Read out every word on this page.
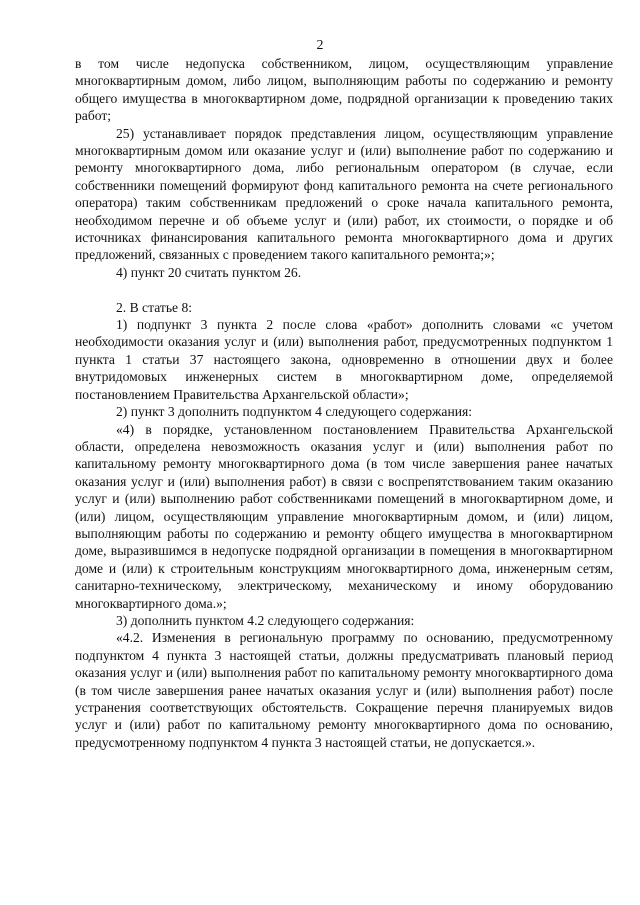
2

в том числе недопуска собственником, лицом, осуществляющим управление многоквартирным домом, либо лицом, выполняющим работы по содержанию и ремонту общего имущества в многоквартирном доме, подрядной организации к проведению таких работ;

25) устанавливает порядок представления лицом, осуществляющим управление многоквартирным домом или оказание услуг и (или) выполнение работ по содержанию и ремонту многоквартирного дома, либо региональным оператором (в случае, если собственники помещений формируют фонд капитального ремонта на счете регионального оператора) таким собственникам предложений о сроке начала капитального ремонта, необходимом перечне и об объеме услуг и (или) работ, их стоимости, о порядке и об источниках финансирования капитального ремонта многоквартирного дома и других предложений, связанных с проведением такого капитального ремонта;»;

4) пункт 20 считать пунктом 26.

2. В статье 8:

1) подпункт 3 пункта 2 после слова «работ» дополнить словами «с учетом необходимости оказания услуг и (или) выполнения работ, предусмотренных подпунктом 1 пункта 1 статьи 37 настоящего закона, одновременно в отношении двух и более внутридомовых инженерных систем в многоквартирном доме, определяемой постановлением Правительства Архангельской области»;

2) пункт 3 дополнить подпунктом 4 следующего содержания:

«4) в порядке, установленном постановлением Правительства Архангельской области, определена невозможность оказания услуг и (или) выполнения работ по капитальному ремонту многоквартирного дома (в том числе завершения ранее начатых оказания услуг и (или) выполнения работ) в связи с воспрепятствованием таким оказанию услуг и (или) выполнению работ собственниками помещений в многоквартирном доме, и (или) лицом, осуществляющим управление многоквартирным домом, и (или) лицом, выполняющим работы по содержанию и ремонту общего имущества в многоквартирном доме, выразившимся в недопуске подрядной организации в помещения в многоквартирном доме и (или) к строительным конструкциям многоквартирного дома, инженерным сетям, санитарно-техническому, электрическому, механическому и иному оборудованию многоквартирного дома.»;

3) дополнить пунктом 4.2 следующего содержания:

«4.2. Изменения в региональную программу по основанию, предусмотренному подпунктом 4 пункта 3 настоящей статьи, должны предусматривать плановый период оказания услуг и (или) выполнения работ по капитальному ремонту многоквартирного дома (в том числе завершения ранее начатых оказания услуг и (или) выполнения работ) после устранения соответствующих обстоятельств. Сокращение перечня планируемых видов услуг и (или) работ по капитальному ремонту многоквартирного дома по основанию, предусмотренному подпунктом 4 пункта 3 настоящей статьи, не допускается.».
